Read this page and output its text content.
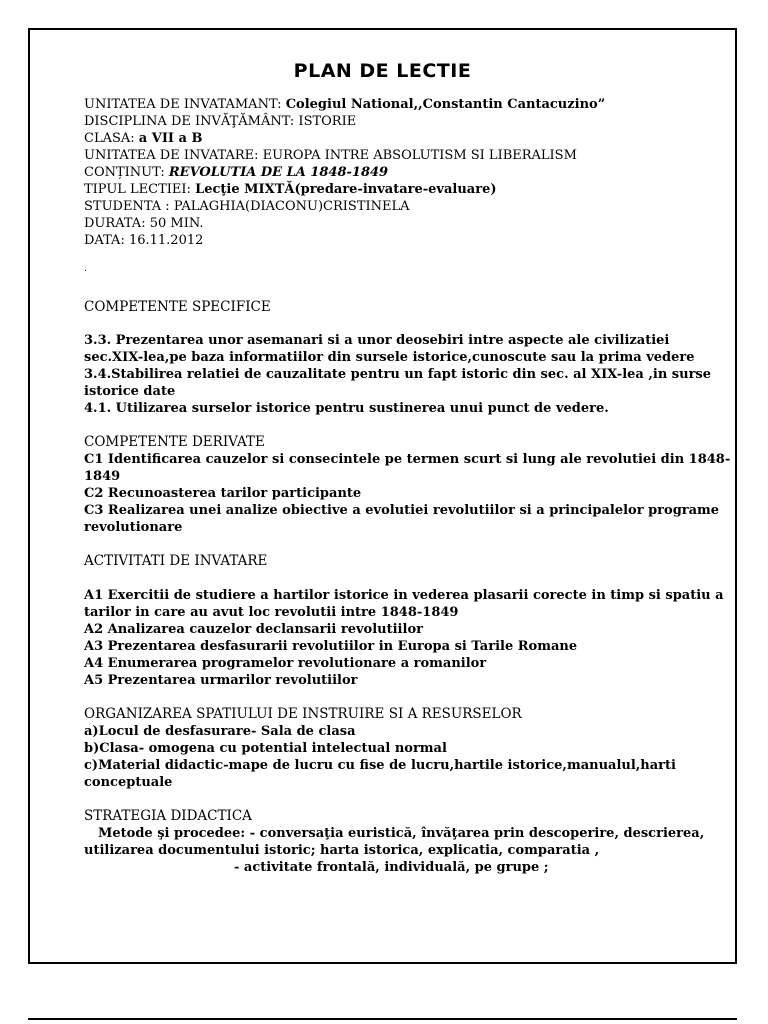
PLAN DE LECTIE
UNITATEA DE INVATAMANT: Colegiul National,,Constantin Cantacuzino”
DISCIPLINA DE INVĂŢĂMÂNT: ISTORIE
CLASA: a VII a B
UNITATEA DE INVATARE: EUROPA INTRE ABSOLUTISM SI LIBERALISM
CONȚINUT: REVOLUTIA DE LA 1848-1849
TIPUL LECTIEI: Lecţie MIXTĂ(predare-invatare-evaluare)
STUDENTA : PALAGHIA(DIACONU)CRISTINELA
DURATA: 50 MIN.
DATA: 16.11.2012
.
COMPETENTE SPECIFICE
3.3. Prezentarea unor asemanari si a unor deosebiri intre aspecte ale civilizatiei
sec.XIX-lea,pe baza informatiilor din sursele istorice,cunoscute sau la prima vedere
3.4.Stabilirea relatiei de cauzalitate pentru un fapt istoric din sec. al XIX-lea ,in surse
istorice date
4.1. Utilizarea surselor istorice pentru sustinerea unui punct de vedere.
COMPETENTE DERIVATE
C1 Identificarea cauzelor si consecintele pe termen scurt si lung ale revolutiei din 1848-
1849
C2 Recunoasterea tarilor participante
C3 Realizarea unei analize obiective a evolutiei revolutiilor si a principalelor programe
revolutionare
ACTIVITATI DE INVATARE
A1 Exercitii de studiere a hartilor istorice in vederea plasarii corecte in timp si spatiu a
tarilor in care au avut loc revolutii intre 1848-1849
A2 Analizarea cauzelor declansarii revolutiilor
A3 Prezentarea desfasurarii revolutiilor in Europa si Tarile Romane
A4 Enumerarea programelor revolutionare a romanilor
A5 Prezentarea urmarilor revolutiilor
ORGANIZAREA SPATIULUI DE INSTRUIRE SI A RESURSELOR
a)Locul de desfasurare- Sala de clasa
b)Clasa- omogena cu potential intelectual normal
c)Material didactic-mape de lucru cu fise de lucru,hartile istorice,manualul,harti
conceptuale
STRATEGIA DIDACTICA
Metode şi procedee: - conversaţia euristică, învăţarea prin descoperire, descrierea,
utilizarea documentului istoric; harta istorica, explicatia, comparatia ,
- activitate frontală, individuală, pe grupe ;
